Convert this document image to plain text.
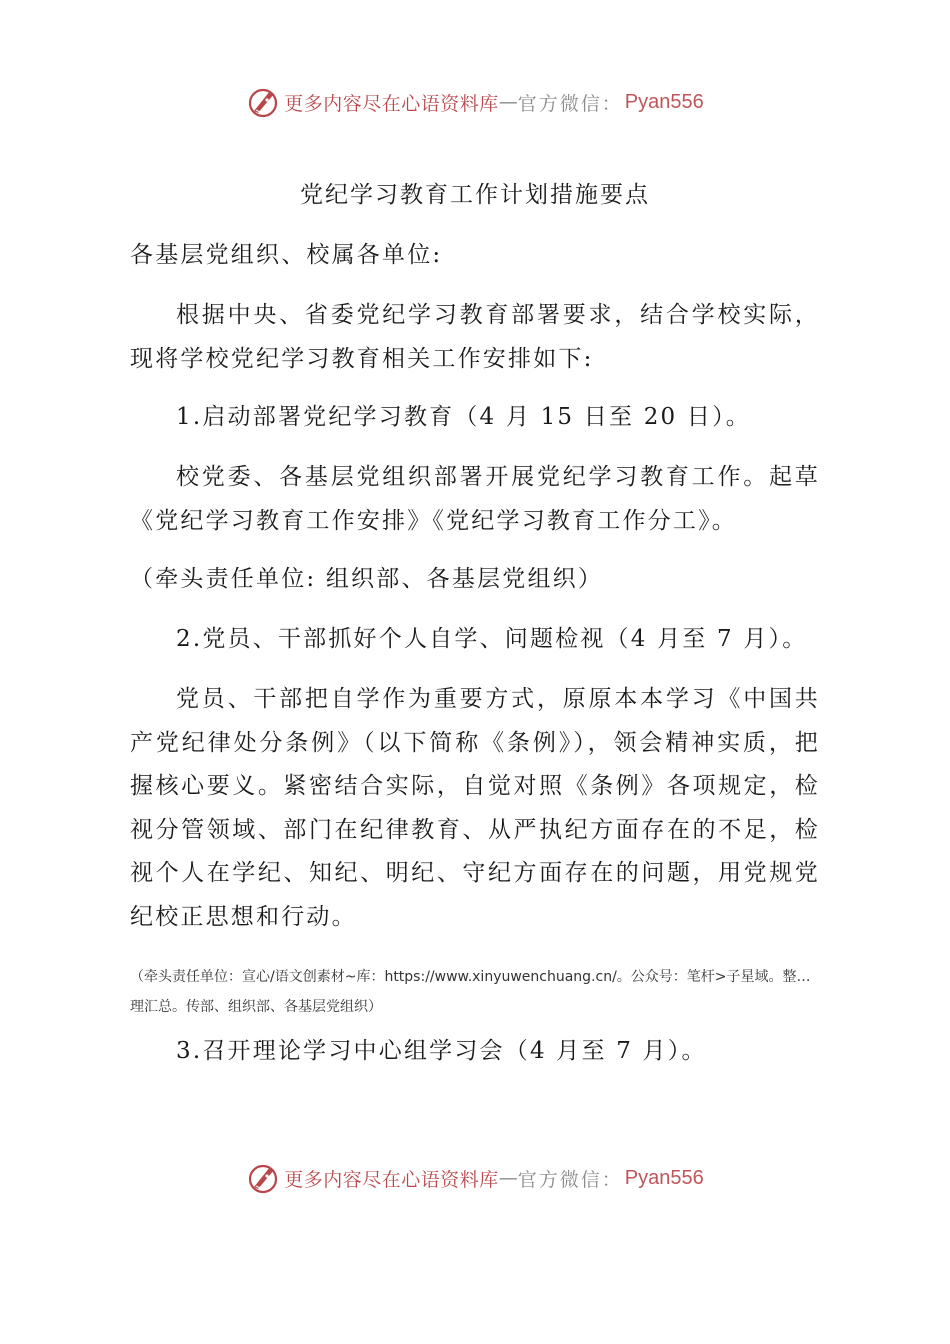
更多内容尽在心语资料库 — 官方微信： Pyan556
党纪学习教育工作计划措施要点
各基层党组织、校属各单位:
根据中央、省委党纪学习教育部署要求，结合学校实际，现将学校党纪学习教育相关工作安排如下:
1.启动部署党纪学习教育（4 月 15 日至 20 日）。
校党委、各基层党组织部署开展党纪学习教育工作。起草《党纪学习教育工作安排》《党纪学习教育工作分工》。
（牵头责任单位: 组织部、各基层党组织）
2.党员、干部抓好个人自学、问题检视（4 月至 7 月）。
党员、干部把自学作为重要方式，原原本本学习《中国共产党纪律处分条例》（以下简称《条例》），领会精神实质，把握核心要义。紧密结合实际，自觉对照《条例》各项规定，检视分管领域、部门在纪律教育、从严执纪方面存在的不足，检视个人在学纪、知纪、明纪、守纪方面存在的问题，用党规党纪校正思想和行动。
（牵头责任单位：宣心/语文创素材~库：https://www.xinyuwenchuang.cn/。公众号：笔杆>子星域。整…理汇总。传部、组织部、各基层党组织）
3.召开理论学习中心组学习会（4 月至 7 月）。
更多内容尽在心语资料库 — 官方微信： Pyan556
